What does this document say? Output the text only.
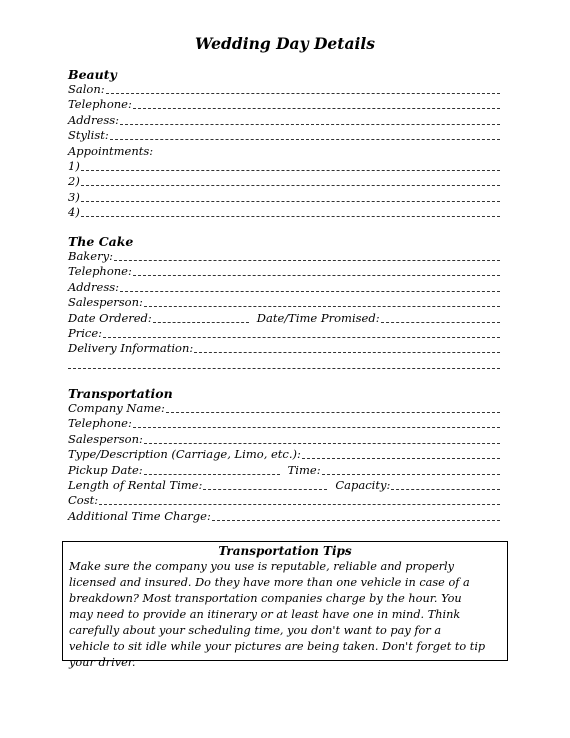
Wedding Day Details
Beauty
Salon:
Telephone:
Address:
Stylist:
Appointments:
1)
2)
3)
4)
The Cake
Bakery:
Telephone:
Address:
Salesperson:
Date Ordered:	Date/Time Promised:
Price:
Delivery Information:
Transportation
Company Name:
Telephone:
Salesperson:
Type/Description (Carriage, Limo, etc.):
Pickup Date:	Time:
Length of Rental Time:	Capacity:
Cost:
Additional Time Charge:
Transportation Tips
Make sure the company you use is reputable, reliable and properly
licensed and insured. Do they have more than one vehicle in case of a
breakdown? Most transportation companies charge by the hour. You
may need to provide an itinerary or at least have one in mind. Think
carefully about your scheduling time, you don't want to pay for a
vehicle to sit idle while your pictures are being taken. Don't forget to tip
your driver.
